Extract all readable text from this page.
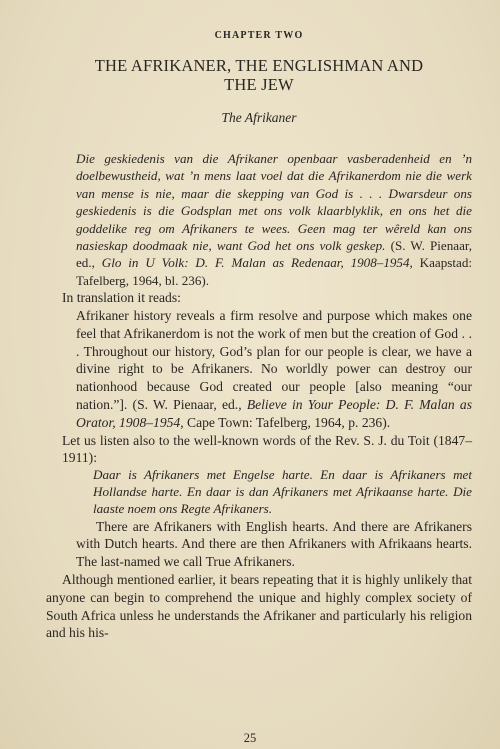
CHAPTER TWO
THE AFRIKANER, THE ENGLISHMAN AND
THE JEW
The Afrikaner

Die geskiedenis van die Afrikaner openbaar vasberadenheid en ’n doelbewustheid, wat ’n mens laat voel dat die Afrikanerdom nie die werk van mense is nie, maar die skepping van God is . . . Dwarsdeur ons geskiedenis is die Godsplan met ons volk klaarblyklik, en ons het die goddelike reg om Afrikaners te wees. Geen mag ter wêreld kan ons nasieskap doodmaak nie, want God het ons volk geskep. (S. W. Pienaar, ed., Glo in U Volk: D. F. Malan as Redenaar, 1908–1954, Kaapstad: Tafelberg, 1964, bl. 236).

In translation it reads:

Afrikaner history reveals a firm resolve and purpose which makes one feel that Afrikanerdom is not the work of men but the creation of God . . . Throughout our history, God’s plan for our people is clear, we have a divine right to be Afrikaners. No worldly power can destroy our nationhood because God created our people [also meaning “our nation.”]. (S. W. Pienaar, ed., Believe in Your People: D. F. Malan as Orator, 1908–1954, Cape Town: Tafelberg, 1964, p. 236).

Let us listen also to the well-known words of the Rev. S. J. du Toit (1847–1911):

Daar is Afrikaners met Engelse harte. En daar is Afrikaners met Hollandse harte. En daar is dan Afrikaners met Afrikaanse harte. Die laaste noem ons Regte Afrikaners.

There are Afrikaners with English hearts. And there are Afrikaners with Dutch hearts. And there are then Afrikaners with Afrikaans hearts. The last-named we call True Afrikaners.

Although mentioned earlier, it bears repeating that it is highly unlikely that anyone can begin to comprehend the unique and highly complex society of South Africa unless he understands the Afrikaner and particularly his religion and his his-

25
